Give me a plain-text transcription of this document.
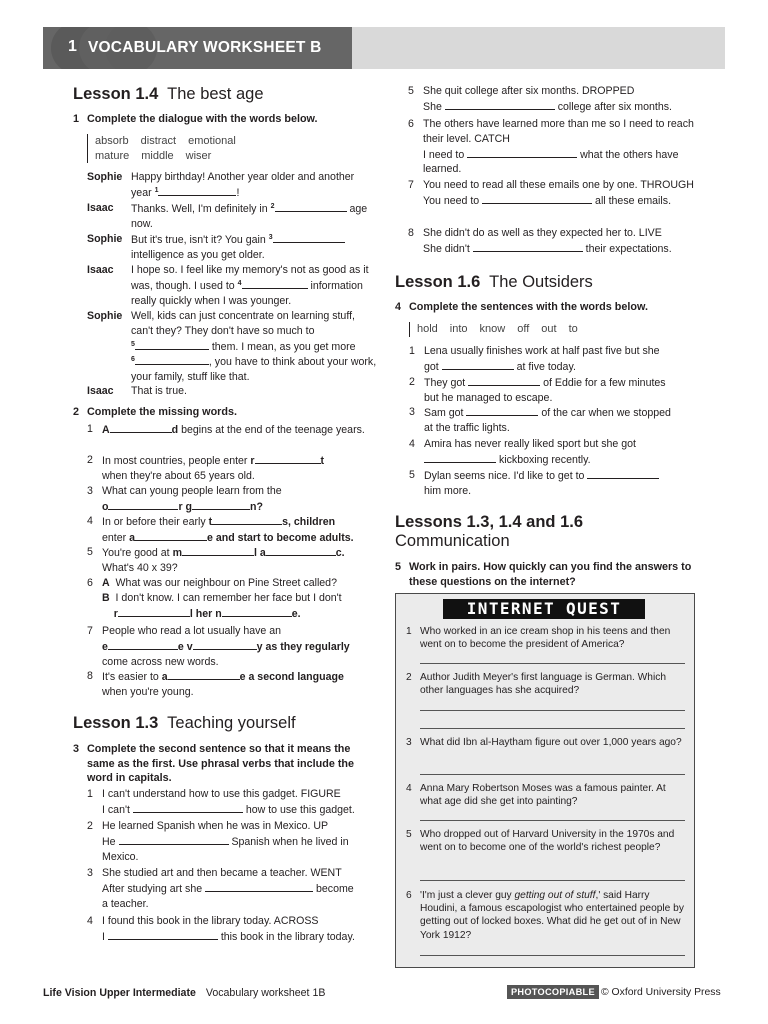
1 VOCABULARY WORKSHEET B
Lesson 1.4 The best age
1 Complete the dialogue with the words below.
absorb distract emotional
mature middle wiser
Sophie Happy birthday! Another year older and another year $^1$	!
Isaac Thanks. Well, I'm definitely in $^2$	age now.
Sophie But it's true, isn't it? You gain $^3$ intelligence as you get older.
Isaac I hope so. I feel like my memory's not as good as it was, though. I used to $^4$	information really quickly when I was younger.
Sophie Well, kids can just concentrate on learning stuff, can't they? They don't have so much to
$^5$	them. I mean, as you get more
$^6$	, you have to think about your work, your family, stuff like that.
Isaac That is true.
2 Complete the missing words.
1 A	d begins at the end of the teenage years.
2 In most countries, people enter r	t
when they're about 65 years old.
3 What can young people learn from the
o	r g	n?
4 In or before their early t	s, children
enter a	e and start to become adults.
5 You're good at m	l a	c.
What's 40 x 39?
6 A What was our neighbour on Pine Street called?
B I don't know. I can remember her face but I don't
r	l her n	e.
7 People who read a lot usually have an
e	e v	y as they regularly
come across new words.
8 It's easier to a	e a second language
when you're young.
Lesson 1.3 Teaching yourself
3 Complete the second sentence so that it means the same as the first. Use phrasal verbs that include the word in capitals.
1 I can't understand how to use this gadget. FIGURE
I can't	how to use this gadget.
2 He learned Spanish when he was in Mexico. UP
He	Spanish when he lived in
Mexico.
3 She studied art and then became a teacher. WENT
After studying art she	become
a teacher.
4 I found this book in the library today. ACROSS
I	this book in the library today.
5 She quit college after six months. DROPPED
She	college after six months.
6 The others have learned more than me so I need to reach their level. CATCH
I need to	what the others have
learned.
7 You need to read all these emails one by one. THROUGH
You need to	all these emails.
8 She didn't do as well as they expected her to. LIVE
She didn't	their expectations.
Lesson 1.6 The Outsiders
4 Complete the sentences with the words below.
hold into know off out to
1 Lena usually finishes work at half past five but she
got	at five today.
2 They got	of Eddie for a few minutes
but he managed to escape.
3 Sam got	of the car when we stopped
at the traffic lights.
4 Amira has never really liked sport but she got
kickboxing recently.
5 Dylan seems nice. I'd like to get to
him more.
Lessons 1.3, 1.4 and 1.6
Communication
5 Work in pairs. How quickly can you find the answers to these questions on the internet?
INTERNET QUEST
1 Who worked in an ice cream shop in his teens and then went on to become the president of America?
2 Author Judith Meyer's first language is German. Which other languages has she acquired?
3 What did Ibn al-Haytham figure out over 1,000 years ago?
4 Anna Mary Robertson Moses was a famous painter. At what age did she get into painting?
5 Who dropped out of Harvard University in the 1970s and went on to become one of the world's richest people?
6 'I'm just a clever guy getting out of stuff,' said Harry Houdini, a famous escapologist who entertained people by getting out of locked boxes. What did he get out of in New York 1912?
Life Vision Upper Intermediate Vocabulary worksheet 1B	PHOTOCOPIABLE © Oxford University Press
